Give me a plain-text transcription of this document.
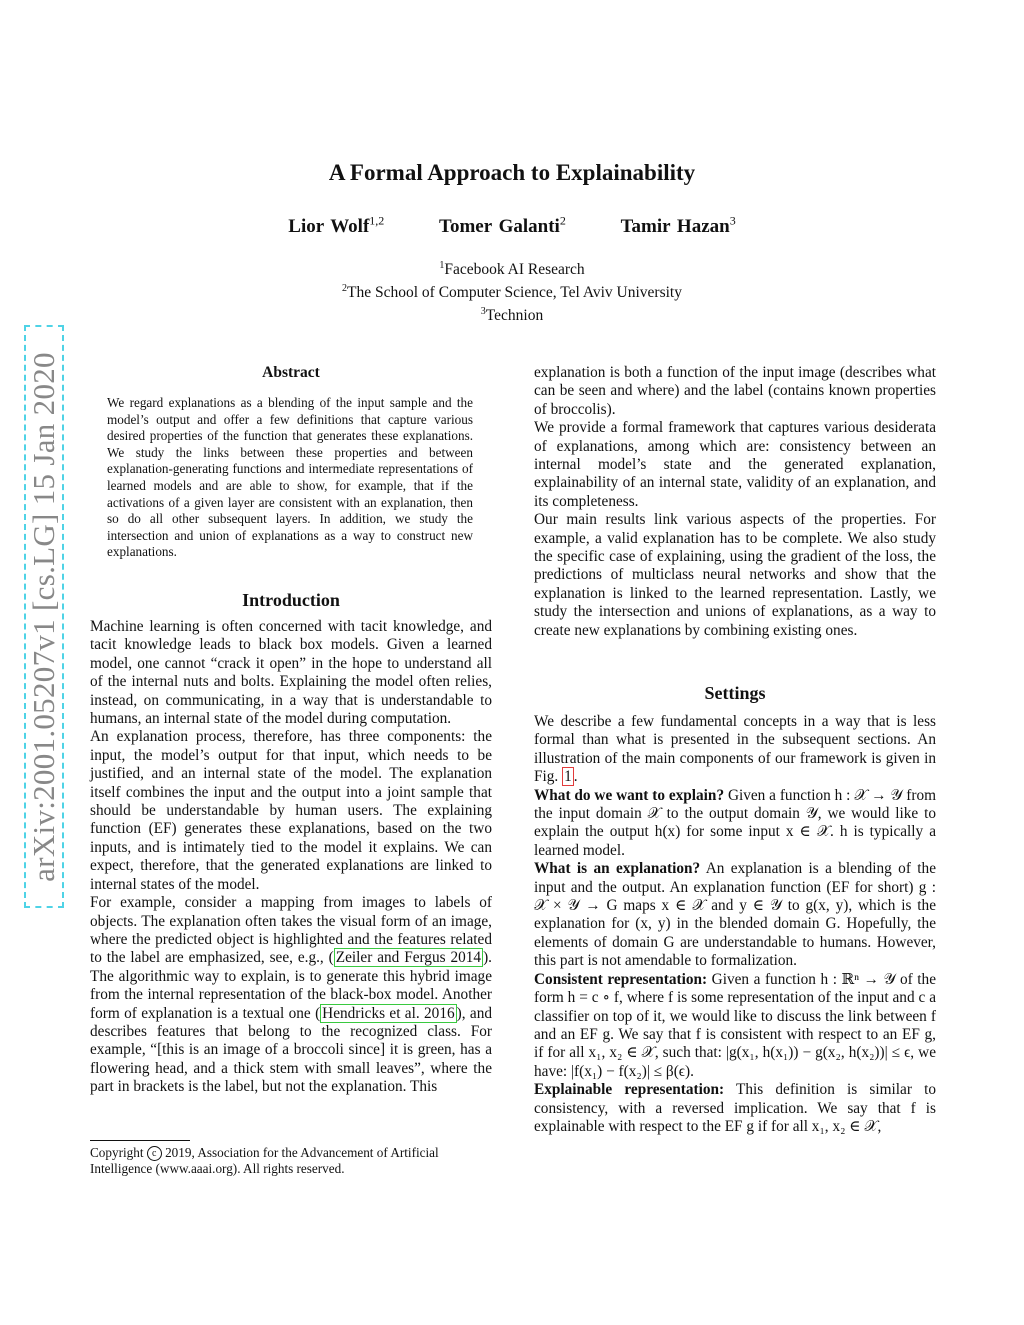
arXiv:2001.05207v1 [cs.LG] 15 Jan 2020
A Formal Approach to Explainability
Lior Wolf$^{1,2}$	Tomer Galanti$^2$	Tamir Hazan$^3$
$^1$Facebook AI Research
$^2$The School of Computer Science, Tel Aviv University
$^3$Technion
Abstract
We regard explanations as a blending of the input sample and the model’s output and offer a few definitions that capture various desired properties of the function that generates these explanations. We study the links between these properties and between explanation-generating functions and intermediate representations of learned models and are able to show, for example, that if the activations of a given layer are consistent with an explanation, then so do all other subsequent layers. In addition, we study the intersection and union of explanations as a way to construct new explanations.
Introduction

Machine learning is often concerned with tacit knowledge, and tacit knowledge leads to black box models. Given a learned model, one cannot “crack it open” in the hope to understand all of the internal nuts and bolts. Explaining the model often relies, instead, on communicating, in a way that is understandable to humans, an internal state of the model during computation.

An explanation process, therefore, has three components: the input, the model’s output for that input, which needs to be justified, and an internal state of the model. The explanation itself combines the input and the output into a joint sample that should be understandable by human users. The explaining function (EF) generates these explanations, based on the two inputs, and is intimately tied to the model it explains. We can expect, therefore, that the generated explanations are linked to internal states of the model.

For example, consider a mapping from images to labels of objects. The explanation often takes the visual form of an image, where the predicted object is highlighted and the features related to the label are emphasized, see, e.g., ( Zeiler and Fergus 2014 ). The algorithmic way to explain, is to generate this hybrid image from the internal representation of the black-box model. Another form of explanation is a textual one ( Hendricks et al. 2016 ), and describes features that belong to the recognized class. For example, “[this is an image of a broccoli since] it is green, has a flowering head, and a thick stem with small leaves”, where the part in brackets is the label, but not the explanation. This

Copyright c 2019, Association for the Advancement of Artificial Intelligence (www.aaai.org). All rights reserved.

explanation is both a function of the input image (describes what can be seen and where) and the label (contains known properties of broccolis).

We provide a formal framework that captures various desiderata of explanations, among which are: consistency between an internal model’s state and the generated explanation, explainability of an internal state, validity of an explanation, and its completeness.

Our main results link various aspects of the properties. For example, a valid explanation has to be complete. We also study the specific case of explaining, using the gradient of the loss, the predictions of multiclass neural networks and show that the explanation is linked to the learned representation. Lastly, we study the intersection and unions of explanations, as a way to create new explanations by combining existing ones.

Settings

We describe a few fundamental concepts in a way that is less formal than what is presented in the subsequent sections. An illustration of the main components of our framework is given in Fig. 1 .

What do we want to explain? Given a function h : 𝒳 → 𝒴 from the input domain 𝒳 to the output domain 𝒴, we would like to explain the output h(x) for some input x ∈ 𝒳. h is typically a learned model.

What is an explanation? An explanation is a blending of the input and the output. An explanation function (EF for short) g : 𝒳 × 𝒴 → G maps x ∈ 𝒳 and y ∈ 𝒴 to g(x, y), which is the explanation for (x, y) in the blended domain G. Hopefully, the elements of domain G are understandable to humans. However, this part is not amendable to formalization.

Consistent representation: Given a function h : ℝⁿ → 𝒴 of the form h = c ∘ f, where f is some representation of the input and c a classifier on top of it, we would like to discuss the link between f and an EF g. We say that f is consistent with respect to an EF g, if for all x₁, x₂ ∈ 𝒳, such that: |g(x₁, h(x₁)) − g(x₂, h(x₂))| ≤ ϵ, we have: |f(x₁) − f(x₂)| ≤ β(ϵ).

Explainable representation: This definition is similar to consistency, with a reversed implication. We say that f is explainable with respect to the EF g if for all x₁, x₂ ∈ 𝒳,
